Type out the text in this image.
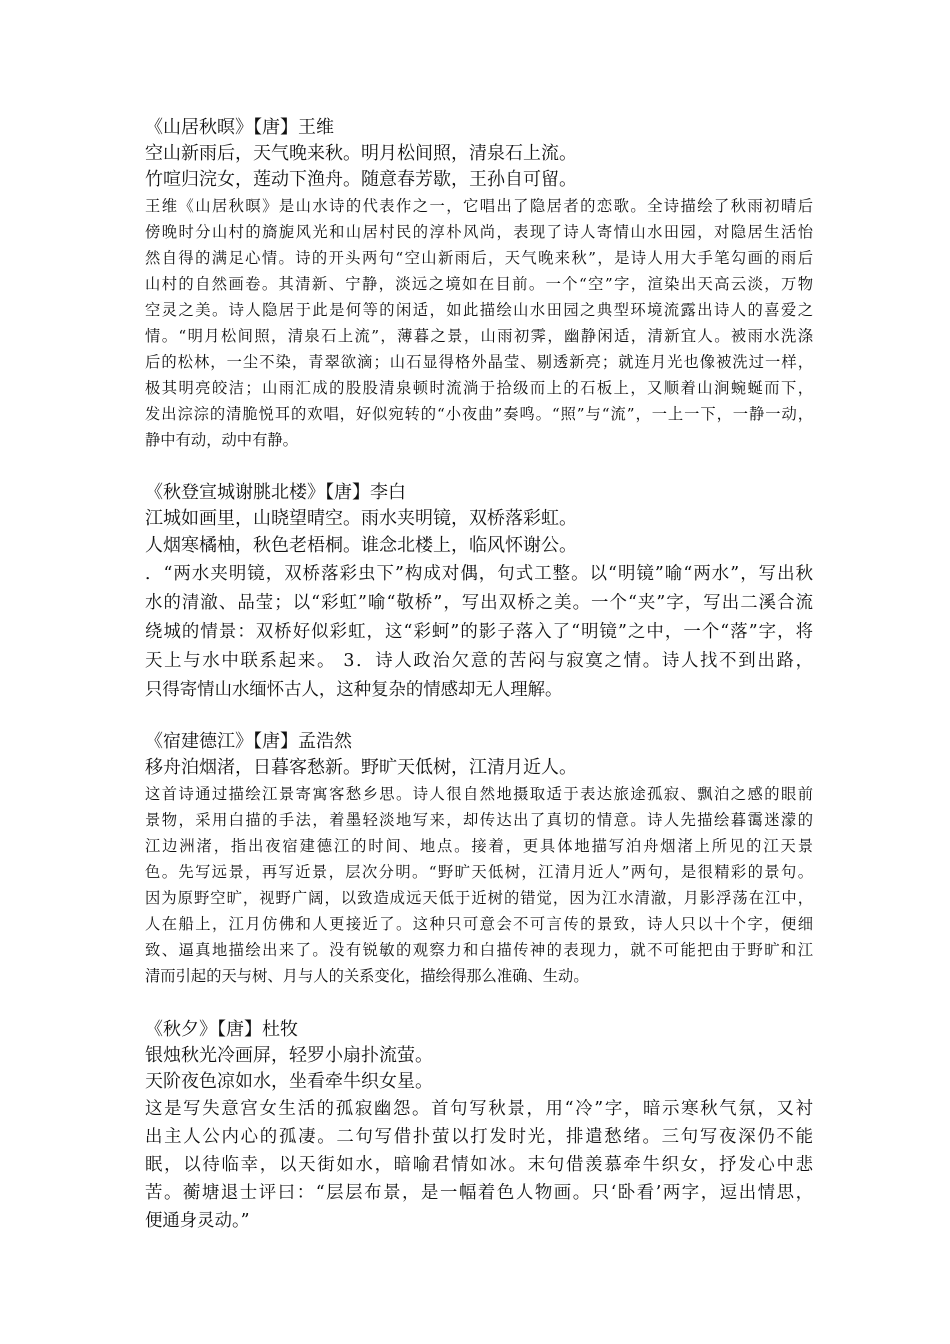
《山居秋暝》【唐】王维
空山新雨后，天气晚来秋。明月松间照，清泉石上流。
竹喧归浣女，莲动下渔舟。随意春芳歇，王孙自可留。
王维《山居秋暝》是山水诗的代表作之一，它唱出了隐居者的恋歌。全诗描绘了秋雨初晴后
傍晚时分山村的旖旎风光和山居村民的淳朴风尚，表现了诗人寄情山水田园，对隐居生活怡
然自得的满足心情。诗的开头两句“空山新雨后，天气晚来秋”，是诗人用大手笔勾画的雨后
山村的自然画卷。其清新、宁静，淡远之境如在目前。一个“空”字，渲染出天高云淡，万物
空灵之美。诗人隐居于此是何等的闲适，如此描绘山水田园之典型环境流露出诗人的喜爱之
情。“明月松间照，清泉石上流”，薄暮之景，山雨初霁，幽静闲适，清新宜人。被雨水洗涤
后的松林，一尘不染，青翠欲滴；山石显得格外晶莹、剔透新亮；就连月光也像被洗过一样，
极其明亮皎洁；山雨汇成的股股清泉顿时流淌于拾级而上的石板上，又顺着山涧蜿蜒而下，
发出淙淙的清脆悦耳的欢唱，好似宛转的“小夜曲”奏鸣。“照”与“流”，一上一下，一静一动，
静中有动，动中有静。
《秋登宣城谢朓北楼》【唐】李白
江城如画里，山晓望晴空。雨水夹明镜，双桥落彩虹。
人烟寒橘柚，秋色老梧桐。谁念北楼上，临风怀谢公。
．“两水夹明镜，双桥落彩虫下”构成对偶，句式工整。以“明镜”喻“两水”，写出秋
水的清澈、品莹；以“彩虹”喻“敬桥”，写出双桥之美。一个“夹”字，写出二溪合流
绕城的情景：双桥好似彩虹，这“彩蚵”的影子落入了“明镜”之中，一个“落”字，将
天上与水中联系起来。 3．诗人政治欠意的苦闷与寂寞之情。诗人找不到出路，
只得寄情山水缅怀古人，这种复杂的情感却无人理解。
《宿建德江》【唐】孟浩然
移舟泊烟渚，日暮客愁新。野旷天低树，江清月近人。
这首诗通过描绘江景寄寓客愁乡思。诗人很自然地摄取适于表达旅途孤寂、飘泊之感的眼前
景物，采用白描的手法，着墨轻淡地写来，却传达出了真切的情意。诗人先描绘暮霭迷濛的
江边洲渚，指出夜宿建德江的时间、地点。接着，更具体地描写泊舟烟渚上所见的江天景
色。先写远景，再写近景，层次分明。“野旷天低树，江清月近人”两句，是很精彩的景句。
因为原野空旷，视野广阔，以致造成远天低于近树的错觉，因为江水清澈，月影浮荡在江中，
人在船上，江月仿佛和人更接近了。这种只可意会不可言传的景致，诗人只以十个字，便细
致、逼真地描绘出来了。没有锐敏的观察力和白描传神的表现力，就不可能把由于野旷和江
清而引起的天与树、月与人的关系变化，描绘得那么准确、生动。
《秋夕》【唐】杜牧
银烛秋光冷画屏，轻罗小扇扑流萤。
天阶夜色凉如水，坐看牵牛织女星。
这是写失意宫女生活的孤寂幽怨。首句写秋景，用“冷”字，暗示寒秋气氛，又衬
出主人公内心的孤凄。二句写借扑萤以打发时光，排遣愁绪。三句写夜深仍不能
眠，以待临幸，以天街如水，暗喻君情如冰。末句借羡慕牵牛织女，抒发心中悲
苦。蘅塘退士评曰：“层层布景，是一幅着色人物画。只‘卧看’两字，逗出情思，
便通身灵动。”
